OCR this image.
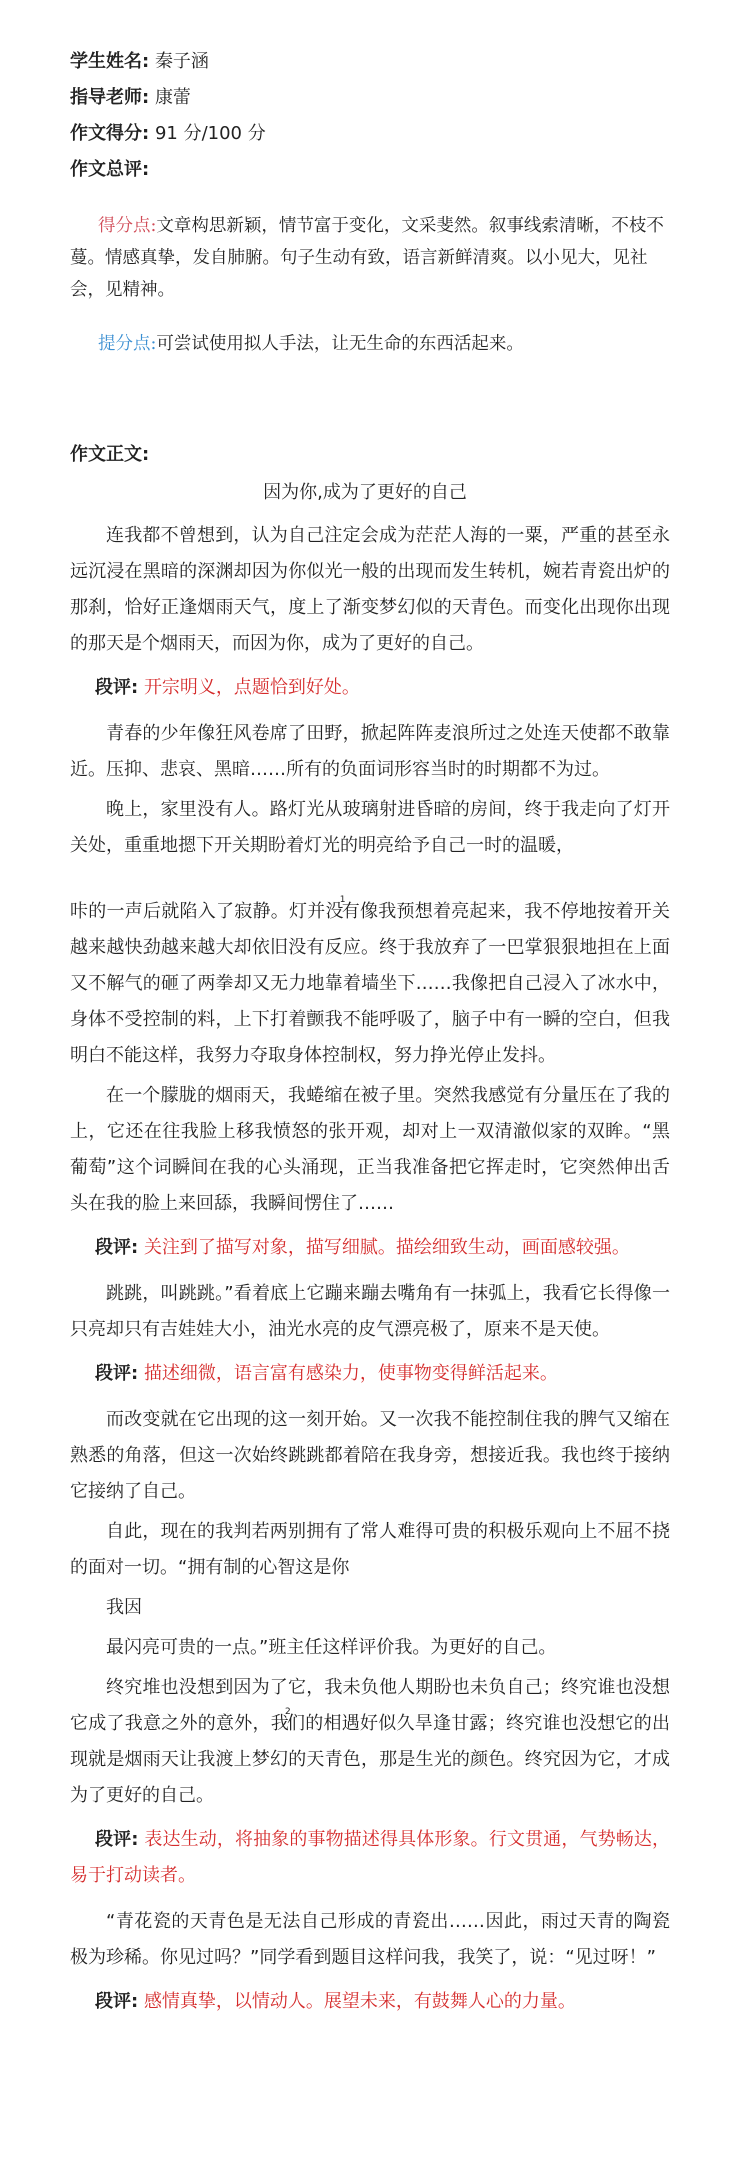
学生姓名: 秦子涵
指导老师: 康蕾
作文得分: 91 分/100 分
作文总评:

得分点:文章构思新颖，情节富于变化，文采斐然。叙事线索清晰，不枝不蔓。情感真挚，发自肺腑。句子生动有致，语言新鲜清爽。以小见大，见社会，见精神。

提分点:可尝试使用拟人手法，让无生命的东西活起来。

作文正文:
因为你,成为了更好的自己

连我都不曾想到，认为自己注定会成为茫茫人海的一粟，严重的甚至永远沉浸在黑暗的深渊却因为你似光一般的出现而发生转机，婉若青瓷出炉的那刹，恰好正逢烟雨天气，度上了渐变梦幻似的天青色。而变化出现你出现的那天是个烟雨天，而因为你，成为了更好的自己。

段评: 开宗明义，点题恰到好处。

青春的少年像狂风卷席了田野，掀起阵阵麦浪所过之处连天使都不敢靠近。压抑、悲哀、黑暗……所有的负面词形容当时的时期都不为过。

晚上，家里没有人。路灯光从玻璃射进昏暗的房间，终于我走向了灯开关处，重重地摁下开关期盼着灯光的明亮给予自己一时的温暖，

咔的一声后就陷入了寂静。灯并没$^1$有像我预想着亮起来，我不停地按着开关越来越快劲越来越大却依旧没有反应。终于我放弃了一巴掌狠狠地担在上面又不解气的砸了两拳却又无力地靠着墙坐下……我像把自己浸入了冰水中，身体不受控制的料，上下打着颤我不能呼吸了，脑子中有一瞬的空白，但我明白不能这样，我努力夺取身体控制权，努力挣光停止发抖。

在一个朦胧的烟雨天，我蜷缩在被子里。突然我感觉有分量压在了我的上，它还在往我脸上移我愤怒的张开观，却对上一双清澈似家的双眸。“黑葡萄”这个词瞬间在我的心头涌现，正当我准备把它挥走时，它突然伸出舌头在我的脸上来回舔，我瞬间愣住了……

段评: 关注到了描写对象，描写细腻。描绘细致生动，画面感较强。

跳跳，叫跳跳。”看着底上它蹦来蹦去嘴角有一抹弧上，我看它长得像一只亮却只有吉娃娃大小，油光水亮的皮气漂亮极了，原来不是天使。

段评: 描述细微，语言富有感染力，使事物变得鲜活起来。

而改变就在它出现的这一刻开始。又一次我不能控制住我的脾气又缩在熟悉的角落，但这一次始终跳跳都着陪在我身旁，想接近我。我也终于接纳它接纳了自己。

自此，现在的我判若两别拥有了常人难得可贵的积极乐观向上不屈不挠的面对一切。“拥有制的心智这是你

我因

最闪亮可贵的一点。”班主任这样评价我。为更好的自己。

终究堆也没想到因为了它，我未负他人期盼也未负自己；终究谁也没想它成了我意之外的意外，我$^2$们的相遇好似久旱逢甘露；终究谁也没想它的出现就是烟雨天让我渡上梦幻的天青色，那是生光的颜色。终究因为它，才成为了更好的自己。

段评: 表达生动，将抽象的事物描述得具体形象。行文贯通，气势畅达，易于打动读者。

“青花瓷的天青色是无法自己形成的青瓷出……因此，雨过天青的陶瓷极为珍稀。你见过吗？”同学看到题目这样问我，我笑了，说：“见过呀！”

段评: 感情真挚，以情动人。展望未来，有鼓舞人心的力量。
